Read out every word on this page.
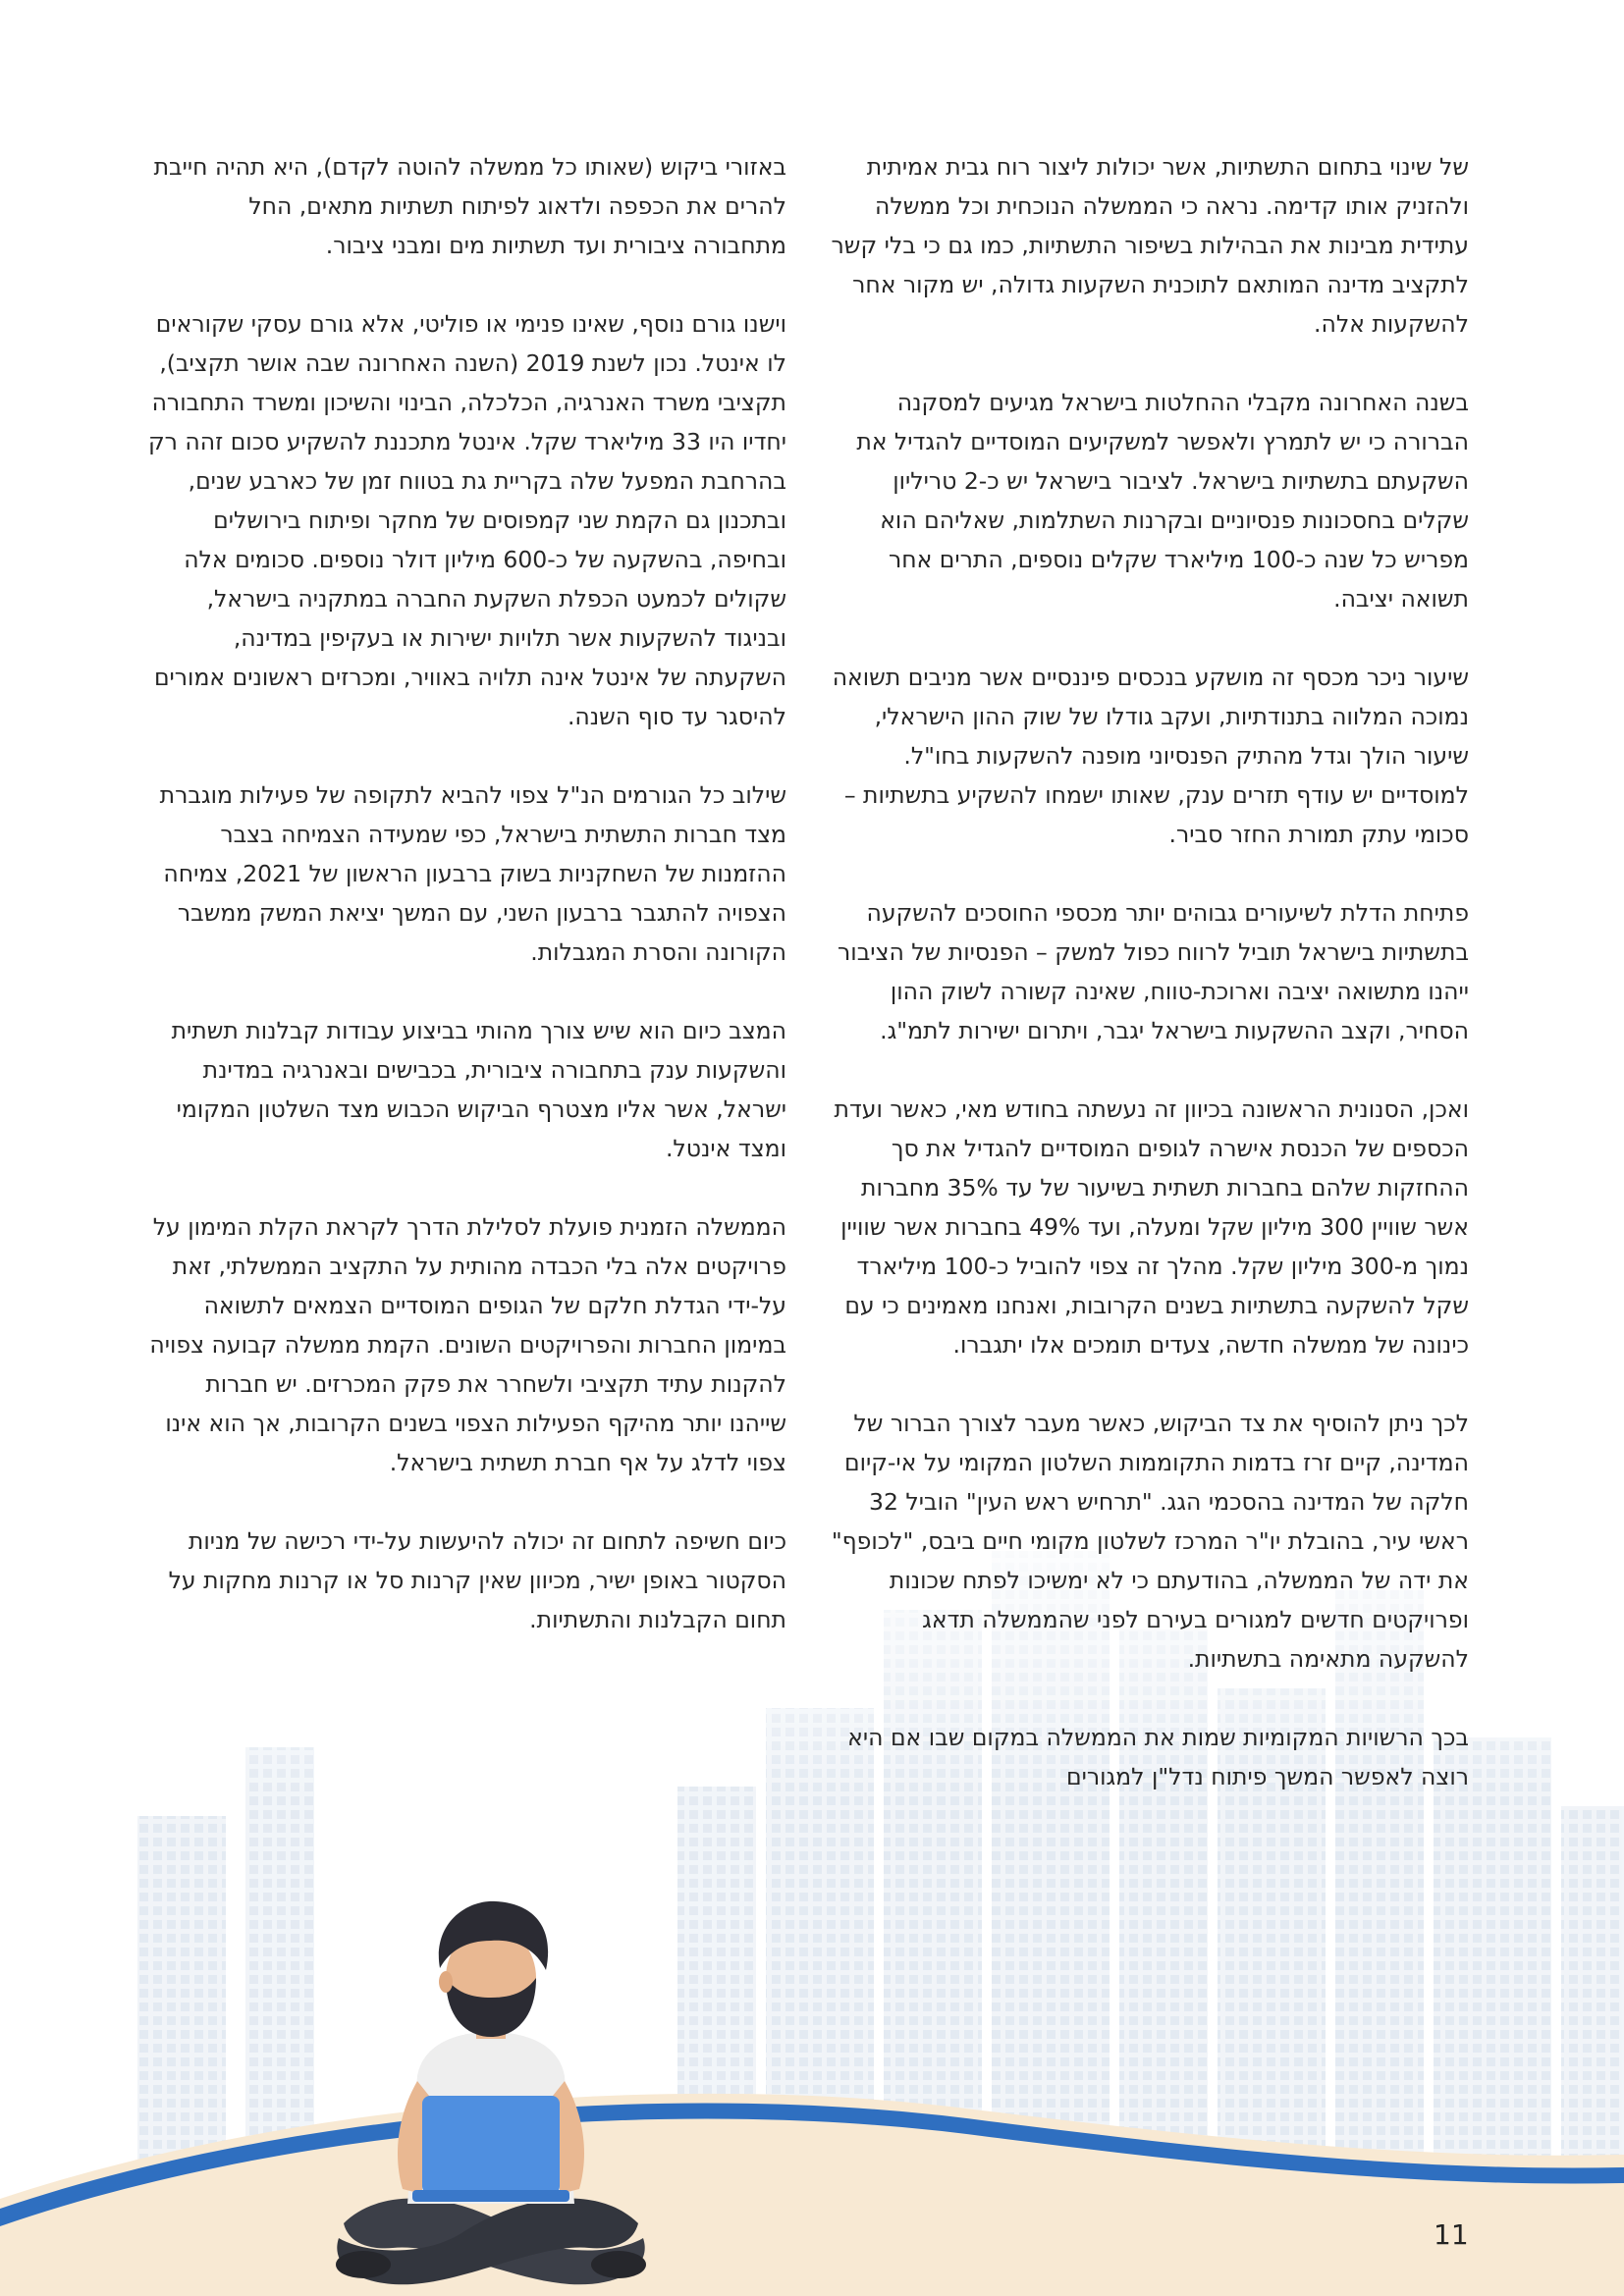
של שינוי בתחום התשתיות, אשר יכולות ליצור רוח גבית אמיתית ולהזניק אותו קדימה. נראה כי הממשלה הנוכחית וכל ממשלה עתידית מבינות את הבהילות בשיפור התשתיות, כמו גם כי בלי קשר לתקציב מדינה המותאם לתוכנית השקעות גדולה, יש מקור אחר להשקעות אלה.

בשנה האחרונה מקבלי ההחלטות בישראל מגיעים למסקנה הברורה כי יש לתמרץ ולאפשר למשקיעים המוסדיים להגדיל את השקעתם בתשתיות בישראל. לציבור בישראל יש כ-2 טריליון שקלים בחסכונות פנסיוניים ובקרנות השתלמות, שאליהם הוא מפריש כל שנה כ-100 מיליארד שקלים נוספים, התרים אחר תשואה יציבה.

שיעור ניכר מכסף זה מושקע בנכסים פיננסיים אשר מניבים תשואה נמוכה המלווה בתנודתיות, ועקב גודלו של שוק ההון הישראלי, שיעור הולך וגדל מהתיק הפנסיוני מופנה להשקעות בחו"ל. למוסדיים יש עודף תזרים ענק, שאותו ישמחו להשקיע בתשתיות – סכומי עתק תמורת החזר סביר.

פתיחת הדלת לשיעורים גבוהים יותר מכספי החוסכים להשקעה בתשתיות בישראל תוביל לרווח כפול למשק – הפנסיות של הציבור ייהנו מתשואה יציבה וארוכת-טווח, שאינה קשורה לשוק ההון הסחיר, וקצב ההשקעות בישראל יגבר, ויתרום ישירות לתמ"ג.

ואכן, הסנונית הראשונה בכיוון זה נעשתה בחודש מאי, כאשר ועדת הכספים של הכנסת אישרה לגופים המוסדיים להגדיל את סך ההחזקות שלהם בחברות תשתית בשיעור של עד 35% מחברות אשר שוויין 300 מיליון שקל ומעלה, ועד 49% בחברות אשר שוויין נמוך מ-300 מיליון שקל. מהלך זה צפוי להוביל כ-100 מיליארד שקל להשקעה בתשתיות בשנים הקרובות, ואנחנו מאמינים כי עם כינונה של ממשלה חדשה, צעדים תומכים אלו יתגברו.

לכך ניתן להוסיף את צד הביקוש, כאשר מעבר לצורך הברור של המדינה, קיים זרז בדמות התקוממות השלטון המקומי על אי-קיום חלקה של המדינה בהסכמי הגג. "תרחיש ראש העין" הוביל 32 ראשי עיר, בהובלת יו"ר המרכז לשלטון מקומי חיים ביבס, "לכופף" את ידה של הממשלה, בהודעתם כי לא ימשיכו לפתח שכונות ופרויקטים חדשים למגורים בעירם לפני שהממשלה תדאג להשקעה מתאימה בתשתיות.

בכך הרשויות המקומיות שמות את הממשלה במקום שבו אם היא רוצה לאפשר המשך פיתוח נדל"ן למגורים

באזורי ביקוש (שאותו כל ממשלה להוטה לקדם), היא תהיה חייבת להרים את הכפפה ולדאוג לפיתוח תשתיות מתאים, החל מתחבורה ציבורית ועד תשתיות מים ומבני ציבור.

וישנו גורם נוסף, שאינו פנימי או פוליטי, אלא גורם עסקי שקוראים לו אינטל. נכון לשנת 2019 (השנה האחרונה שבה אושר תקציב), תקציבי משרד האנרגיה, הכלכלה, הבינוי והשיכון ומשרד התחבורה יחדיו היו 33 מיליארד שקל. אינטל מתכננת להשקיע סכום זהה רק בהרחבת המפעל שלה בקריית גת בטווח זמן של כארבע שנים, ובתכנון גם הקמת שני קמפוסים של מחקר ופיתוח בירושלים ובחיפה, בהשקעה של כ-600 מיליון דולר נוספים. סכומים אלה שקולים לכמעט הכפלת השקעת החברה במתקניה בישראל, ובניגוד להשקעות אשר תלויות ישירות או בעקיפין במדינה, השקעתה של אינטל אינה תלויה באוויר, ומכרזים ראשונים אמורים להיסגר עד סוף השנה.

שילוב כל הגורמים הנ"ל צפוי להביא לתקופה של פעילות מוגברת מצד חברות התשתית בישראל, כפי שמעידה הצמיחה בצבר ההזמנות של השחקניות בשוק ברבעון הראשון של 2021, צמיחה הצפויה להתגבר ברבעון השני, עם המשך יציאת המשק ממשבר הקורונה והסרת המגבלות.

המצב כיום הוא שיש צורך מהותי בביצוע עבודות קבלנות תשתית והשקעות ענק בתחבורה ציבורית, בכבישים ובאנרגיה במדינת ישראל, אשר אליו מצטרף הביקוש הכבוש מצד השלטון המקומי ומצד אינטל.

הממשלה הזמנית פועלת לסלילת הדרך לקראת הקלת המימון על פרויקטים אלה בלי הכבדה מהותית על התקציב הממשלתי, זאת על-ידי הגדלת חלקם של הגופים המוסדיים הצמאים לתשואה במימון החברות והפרויקטים השונים. הקמת ממשלה קבועה צפויה להקנות עתיד תקציבי ולשחרר את פקק המכרזים. יש חברות שייהנו יותר מהיקף הפעילות הצפוי בשנים הקרובות, אך הוא אינו צפוי לדלג על אף חברת תשתית בישראל.

כיום חשיפה לתחום זה יכולה להיעשות על-ידי רכישה של מניות הסקטור באופן ישיר, מכיוון שאין קרנות סל או קרנות מחקות על תחום הקבלנות והתשתיות.

11
